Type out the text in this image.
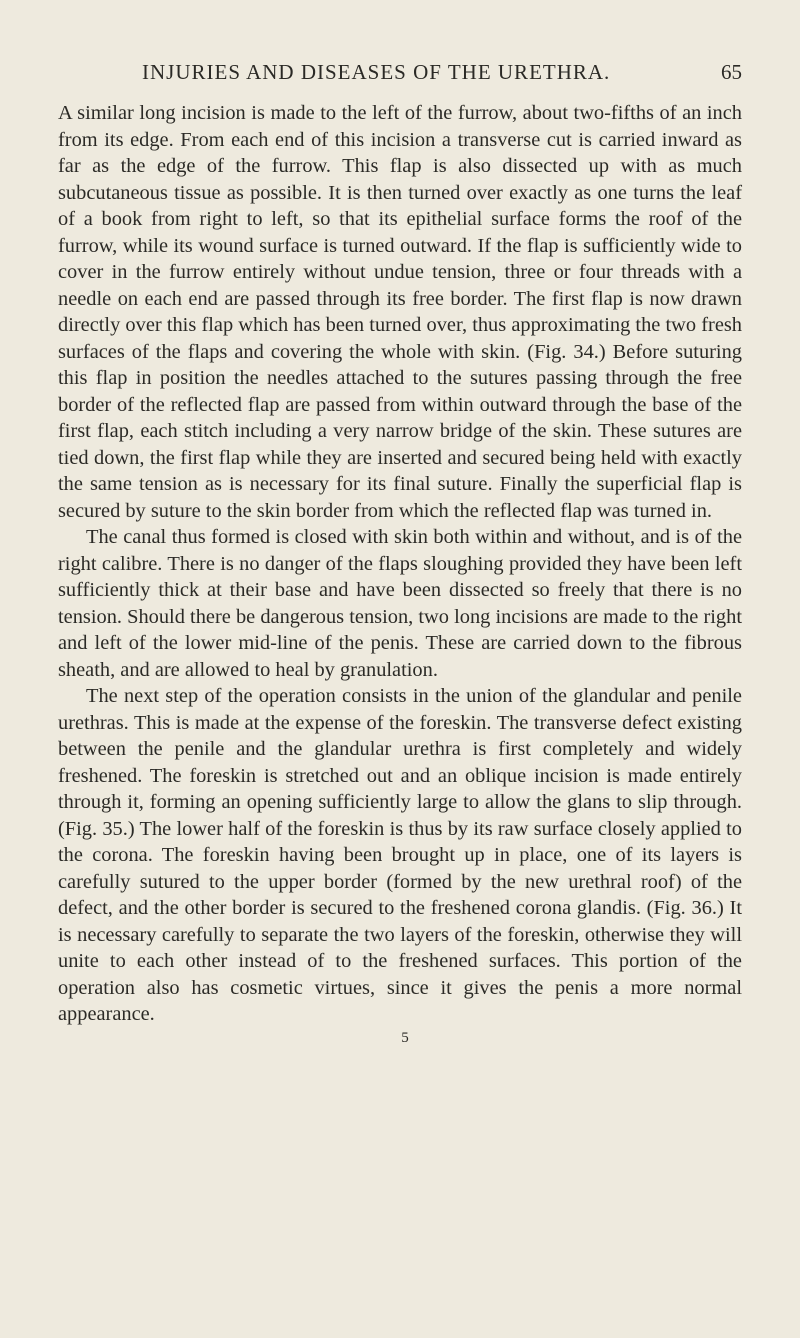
INJURIES AND DISEASES OF THE URETHRA.	65

A similar long incision is made to the left of the furrow, about two-fifths of an inch from its edge. From each end of this incision a transverse cut is carried inward as far as the edge of the furrow. This flap is also dissected up with as much subcutaneous tissue as possible. It is then turned over exactly as one turns the leaf of a book from right to left, so that its epithelial surface forms the roof of the furrow, while its wound surface is turned outward. If the flap is sufficiently wide to cover in the furrow entirely without undue tension, three or four threads with a needle on each end are passed through its free border. The first flap is now drawn directly over this flap which has been turned over, thus approximating the two fresh surfaces of the flaps and covering the whole with skin. (Fig. 34.) Before suturing this flap in position the needles attached to the sutures passing through the free border of the reflected flap are passed from within outward through the base of the first flap, each stitch including a very narrow bridge of the skin. These sutures are tied down, the first flap while they are inserted and secured being held with exactly the same tension as is necessary for its final suture. Finally the superficial flap is secured by suture to the skin border from which the reflected flap was turned in.

The canal thus formed is closed with skin both within and without, and is of the right calibre. There is no danger of the flaps sloughing provided they have been left sufficiently thick at their base and have been dissected so freely that there is no tension. Should there be dangerous tension, two long incisions are made to the right and left of the lower mid-line of the penis. These are carried down to the fibrous sheath, and are allowed to heal by granulation.

The next step of the operation consists in the union of the glandular and penile urethras. This is made at the expense of the foreskin. The transverse defect existing between the penile and the glandular urethra is first completely and widely freshened. The foreskin is stretched out and an oblique incision is made entirely through it, forming an opening sufficiently large to allow the glans to slip through. (Fig. 35.) The lower half of the foreskin is thus by its raw surface closely applied to the corona. The foreskin having been brought up in place, one of its layers is carefully sutured to the upper border (formed by the new urethral roof) of the defect, and the other border is secured to the freshened corona glandis. (Fig. 36.) It is necessary carefully to separate the two layers of the foreskin, otherwise they will unite to each other instead of to the freshened surfaces. This portion of the operation also has cosmetic virtues, since it gives the penis a more normal appearance.

5
